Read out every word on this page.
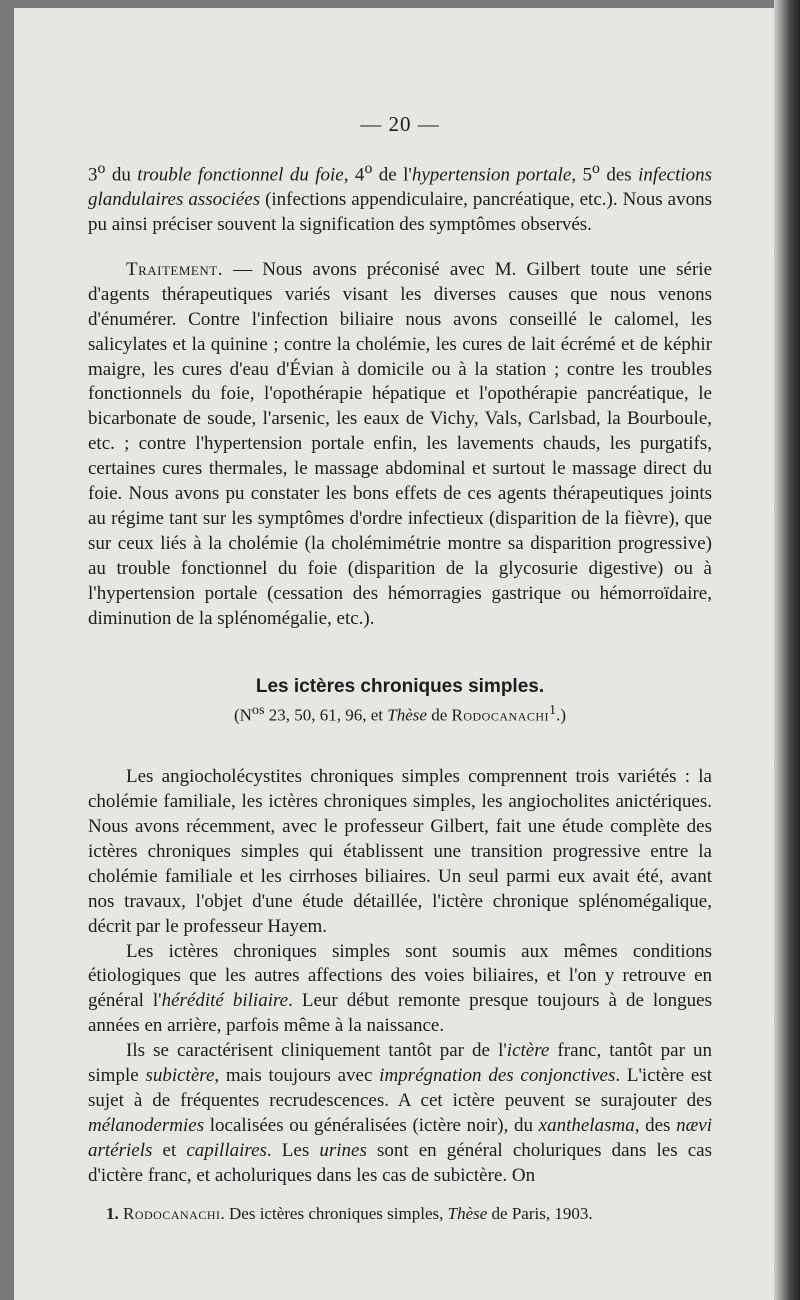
— 20 —

3$^o$ du trouble fonctionnel du foie, 4$^o$ de l'hypertension portale, 5$^o$ des infections glandulaires associées (infections appendiculaire, pancréatique, etc.). Nous avons pu ainsi préciser souvent la signification des symptômes observés.

Traitement. — Nous avons préconisé avec M. Gilbert toute une série d'agents thérapeutiques variés visant les diverses causes que nous venons d'énumérer. Contre l'infection biliaire nous avons conseillé le calomel, les salicylates et la quinine ; contre la cholémie, les cures de lait écrémé et de képhir maigre, les cures d'eau d'Évian à domicile ou à la station ; contre les troubles fonctionnels du foie, l'opothérapie hépatique et l'opothérapie pancréatique, le bicarbonate de soude, l'arsenic, les eaux de Vichy, Vals, Carlsbad, la Bourboule, etc. ; contre l'hypertension portale enfin, les lavements chauds, les purgatifs, certaines cures thermales, le massage abdominal et surtout le massage direct du foie. Nous avons pu constater les bons effets de ces agents thérapeutiques joints au régime tant sur les symptômes d'ordre infectieux (disparition de la fièvre), que sur ceux liés à la cholémie (la cholémimétrie montre sa disparition progressive) au trouble fonctionnel du foie (disparition de la glycosurie digestive) ou à l'hypertension portale (cessation des hémorragies gastrique ou hémorroïdaire, diminution de la splénomégalie, etc.).

Les ictères chroniques simples.
($N^{os}$ 23, 50, 61, 96, et Thèse de Rodocanachi$^1$.)

Les angiocholécystites chroniques simples comprennent trois variétés : la cholémie familiale, les ictères chroniques simples, les angiocholites anictériques. Nous avons récemment, avec le professeur Gilbert, fait une étude complète des ictères chroniques simples qui établissent une transition progressive entre la cholémie familiale et les cirrhoses biliaires. Un seul parmi eux avait été, avant nos travaux, l'objet d'une étude détaillée, l'ictère chronique splénomégalique, décrit par le professeur Hayem.

Les ictères chroniques simples sont soumis aux mêmes conditions étiologiques que les autres affections des voies biliaires, et l'on y retrouve en général l'hérédité biliaire. Leur début remonte presque toujours à de longues années en arrière, parfois même à la naissance.

Ils se caractérisent cliniquement tantôt par de l'ictère franc, tantôt par un simple subictère, mais toujours avec imprégnation des conjonctives. L'ictère est sujet à de fréquentes recrudescences. A cet ictère peuvent se surajouter des mélanodermies localisées ou généralisées (ictère noir), du xanthelasma, des nævi artériels et capillaires. Les urines sont en général choluriques dans les cas d'ictère franc, et acholuriques dans les cas de subictère. On

1. Rodocanachi. Des ictères chroniques simples, Thèse de Paris, 1903.
